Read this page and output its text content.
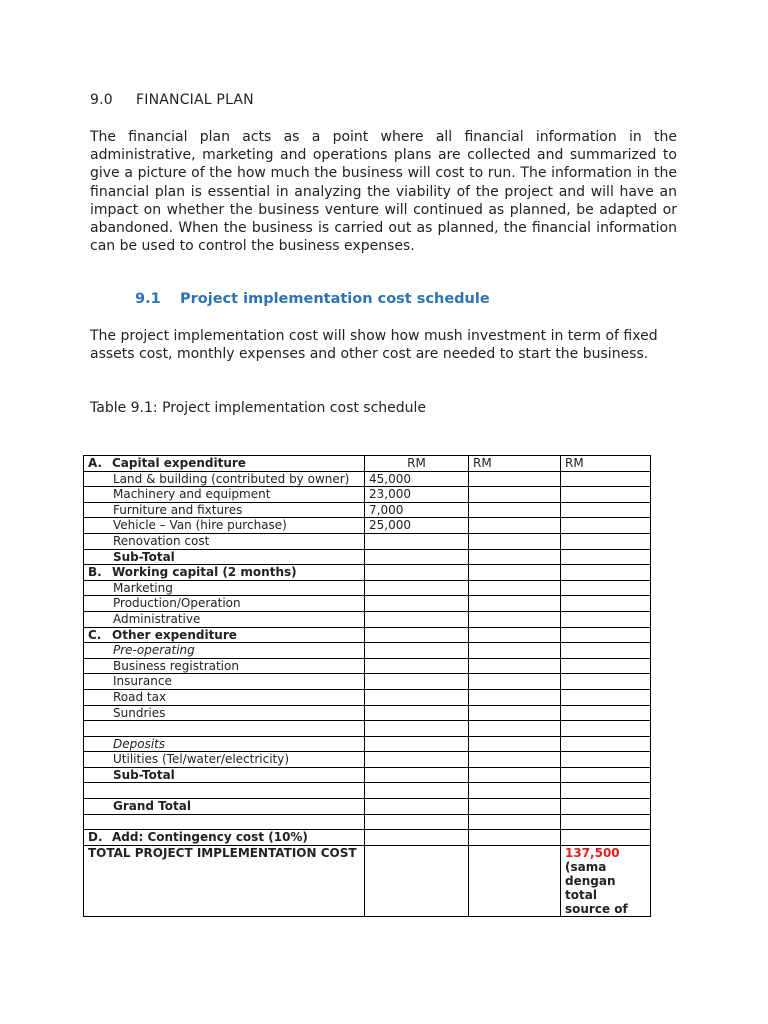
9.0 FINANCIAL PLAN
The financial plan acts as a point where all financial information in the administrative, marketing and operations plans are collected and summarized to give a picture of the how much the business will cost to run. The information in the financial plan is essential in analyzing the viability of the project and will have an impact on whether the business venture will continued as planned, be adapted or abandoned. When the business is carried out as planned, the financial information can be used to control the business expenses.
9.1 Project implementation cost schedule
The project implementation cost will show how mush investment in term of fixed assets cost, monthly expenses and other cost are needed to start the business.
Table 9.1: Project implementation cost schedule
A. Capital expenditure	RM	RM	RM
Land & building (contributed by owner)	45,000		
Machinery and equipment	23,000		
Furniture and fixtures	7,000		
Vehicle – Van (hire purchase)	25,000		
Renovation cost			
Sub-Total			
B. Working capital (2 months)			
Marketing			
Production/Operation			
Administrative			
C. Other expenditure			
Pre-operating			
Business registration			
Insurance			
Road tax			
Sundries			

Deposits			
Utilities (Tel/water/electricity)			
Sub-Total			

Grand Total			

D. Add: Contingency cost (10%)			
TOTAL PROJECT IMPLEMENTATION COST			137,500
(sama dengan total source of
